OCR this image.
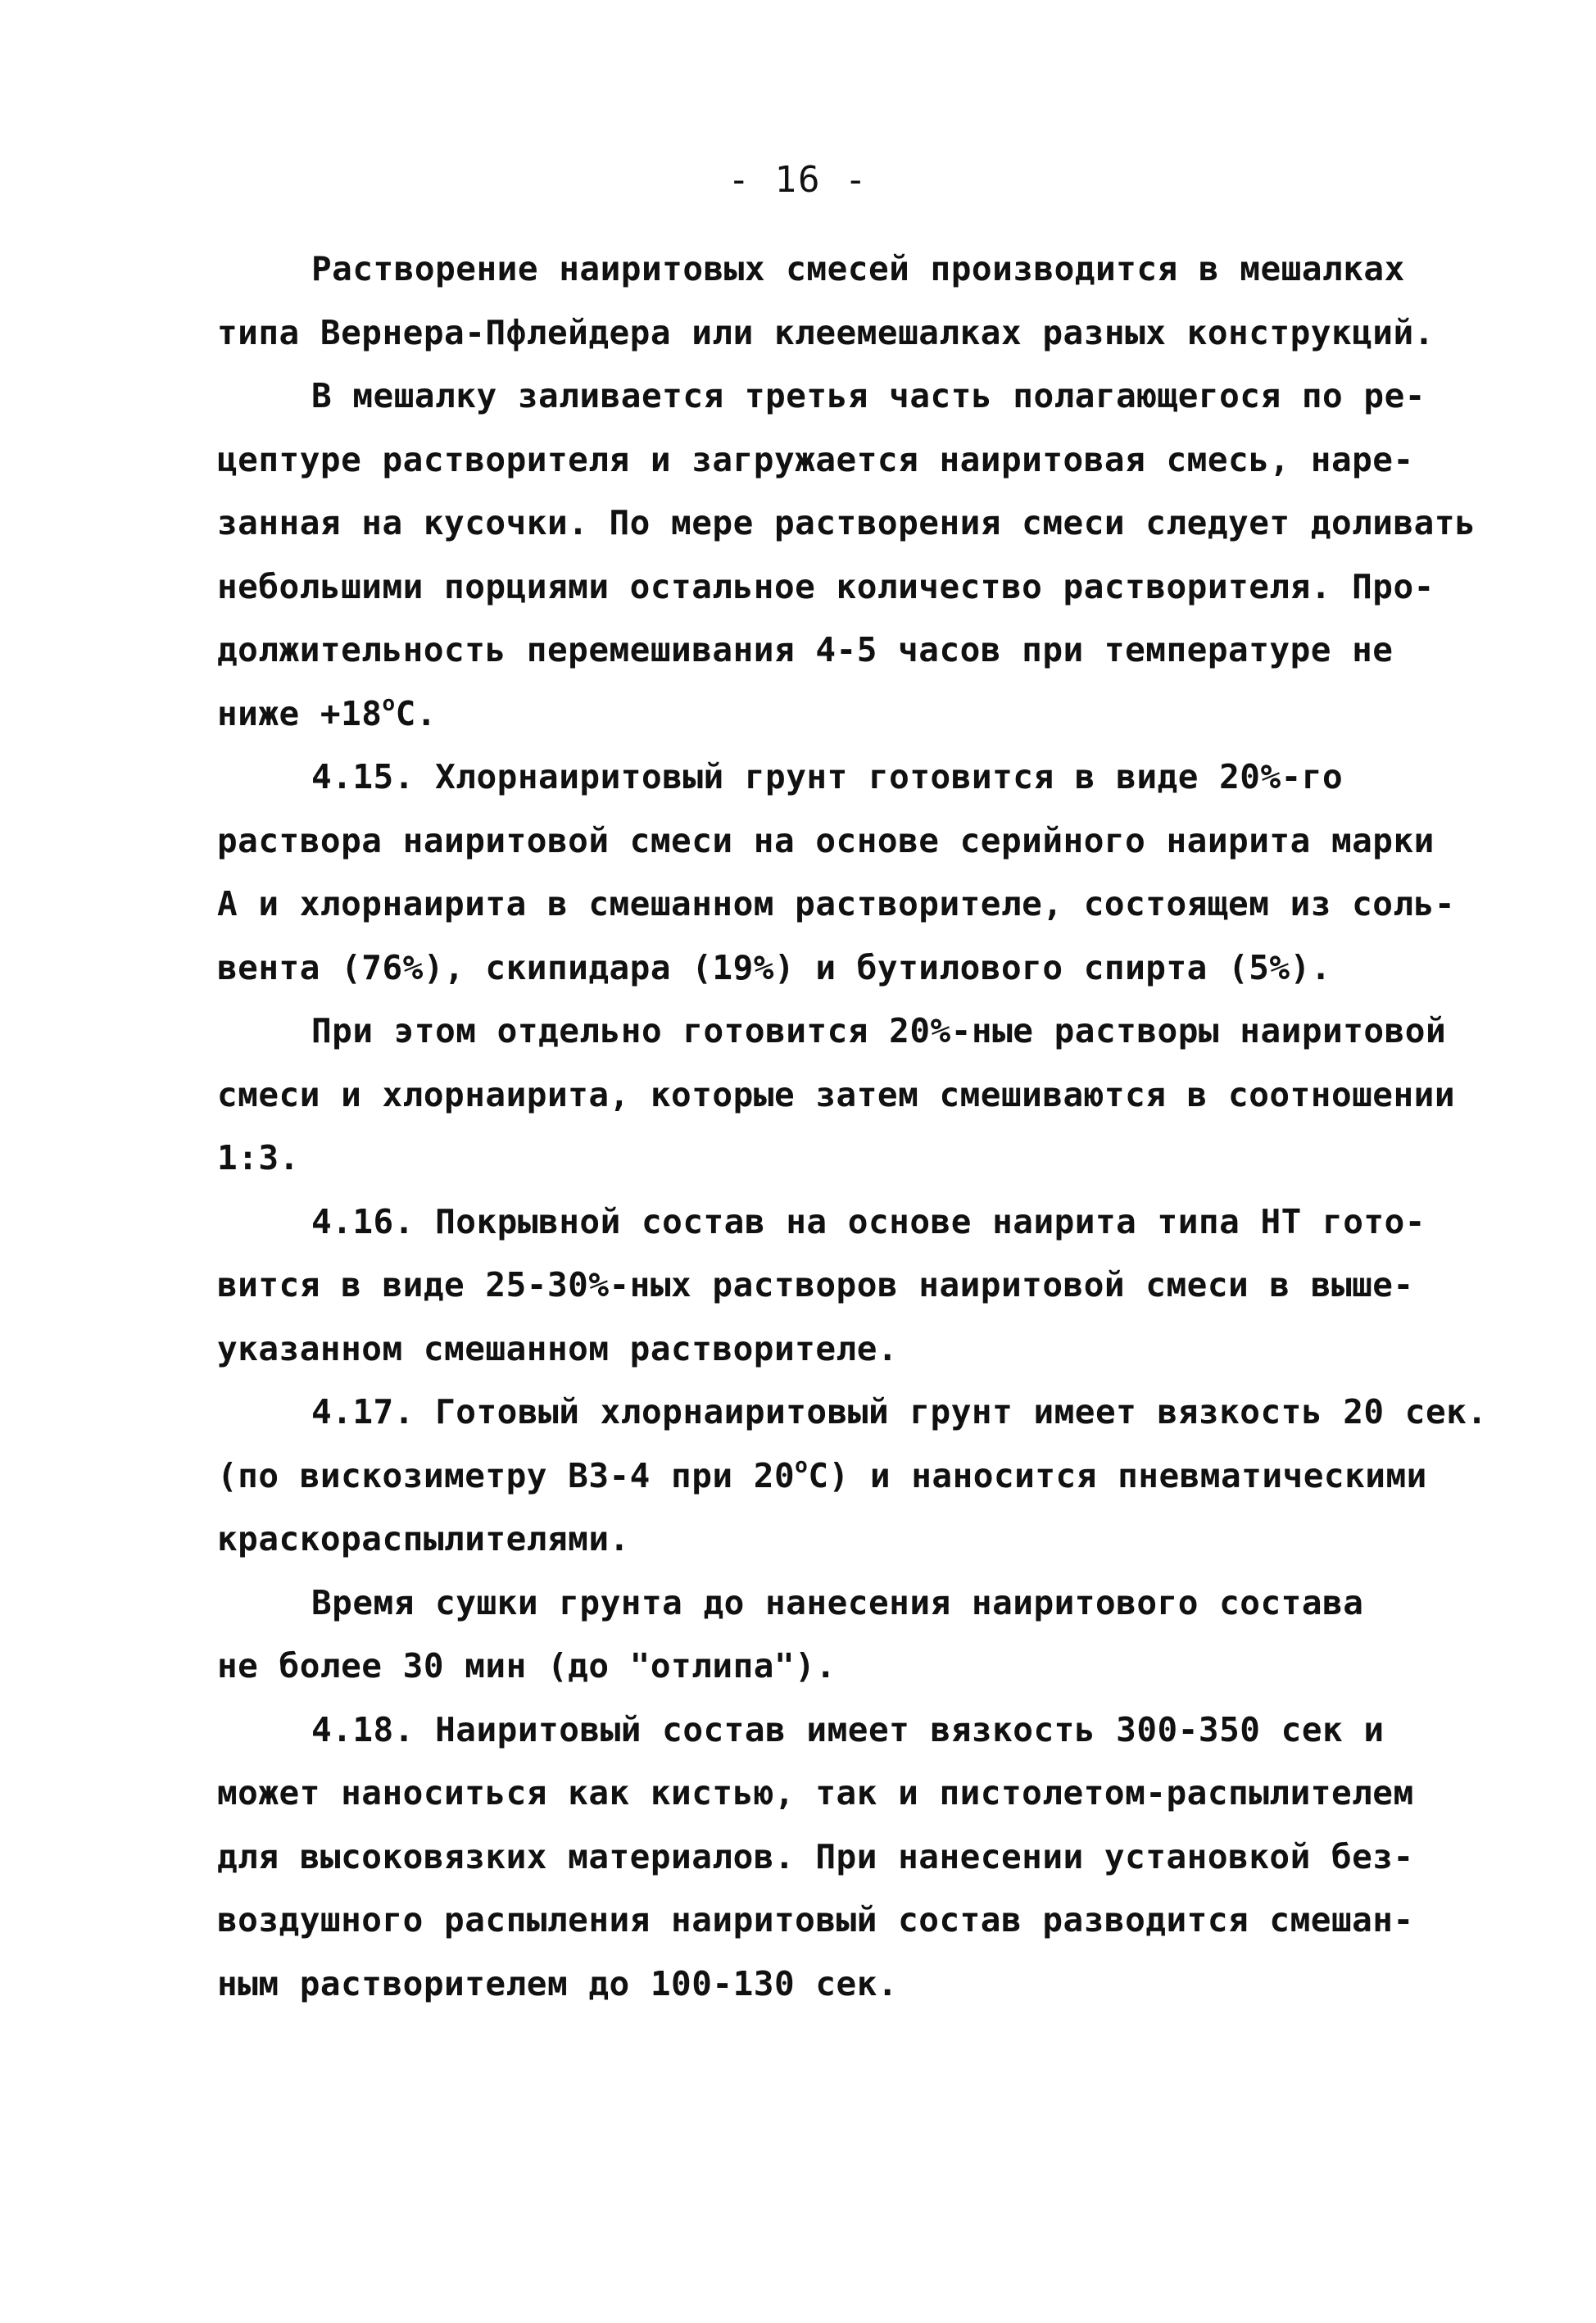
- 16 -
Растворение наиритовых смесей производится в мешалках
типа Вернера-Пфлейдера или клеемешалках разных конструкций.
В мешалку заливается третья часть полагающегося по ре-
цептуре растворителя и загружается наиритовая смесь, наре-
занная на кусочки. По мере растворения смеси следует доливать
небольшими порциями остальное количество растворителя. Про-
должительность перемешивания 4-5 часов при температуре не
ниже $+18^оС$.
4.15. Хлорнаиритовый грунт готовится в виде 20%-го
раствора наиритовой смеси на основе серийного наирита марки
А и хлорнаирита в смешанном растворителе, состоящем из соль-
вента (76%), скипидара (19%) и бутилового спирта (5%).
При этом отдельно готовится 20%-ные растворы наиритовой
смеси и хлорнаирита, которые затем смешиваются в соотношении
1:3.
4.16. Покрывной состав на основе наирита типа НТ гото-
вится в виде 25-30%-ных растворов наиритовой смеси в выше-
указанном смешанном растворителе.
4.17. Готовый хлорнаиритовый грунт имеет вязкость 20 сек.
(по вискозиметру ВЗ-4 при $20^оС$) и наносится пневматическими
краскораспылителями.
Время сушки грунта до нанесения наиритового состава
не более 30 мин (до "отлипа").
4.18. Наиритовый состав имеет вязкость 300-350 сек и
может наноситься как кистью, так и пистолетом-распылителем
для высоковязких материалов. При нанесении установкой без-
воздушного распыления наиритовый состав разводится смешан-
ным растворителем до 100-130 сек.
